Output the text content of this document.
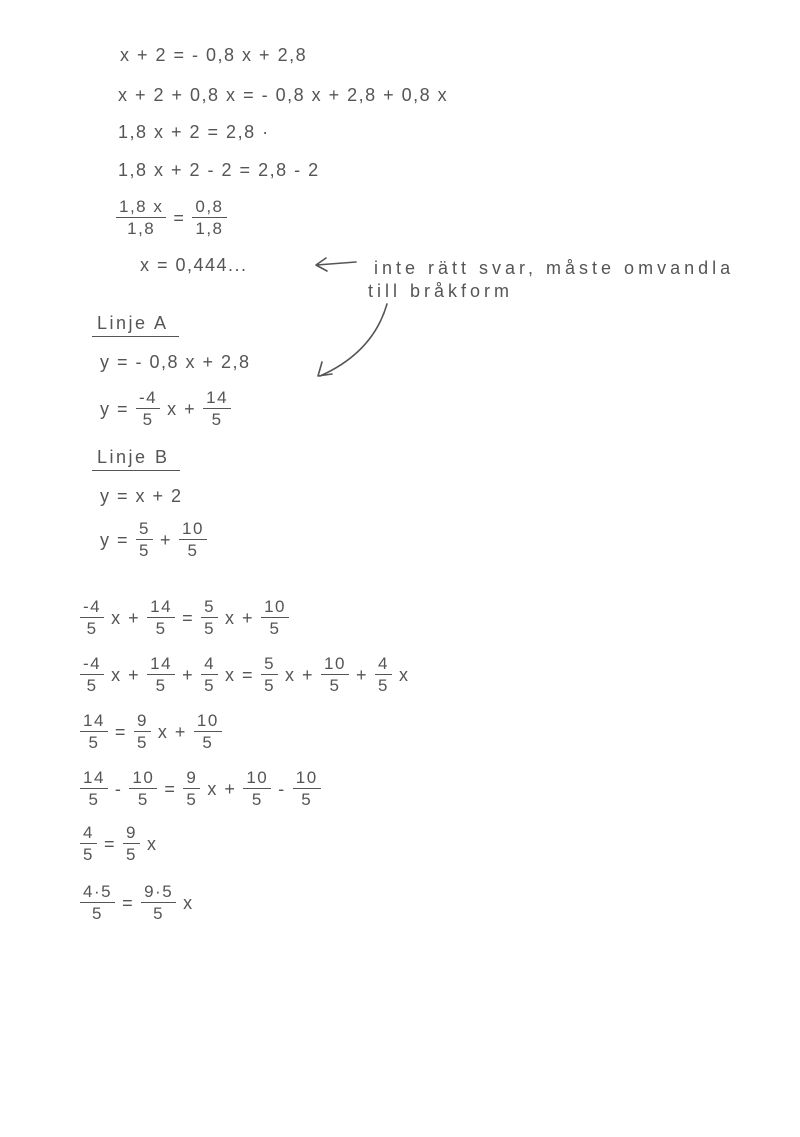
x + 2 = - 0,8 x + 2,8
x + 2 + 0,8 x = - 0,8 x + 2,8 + 0,8 x
1,8 x + 2 = 2,8 ·
1,8 x + 2 - 2 = 2,8 - 2
$\frac{1,8 x}{1,8} = \frac{0,8}{1,8}$
x = 0,444...	inte rätt svar, måste omvandla
till bråkform
Linje A
y = - 0,8 x + 2,8
$y = \frac{-4}{5}$ $x + \frac{14}{5}$
Linje B
y = x + 2
$y = \frac{5}{5} + \frac{10}{5}$
$\frac{-4}{5}$ $x + \frac{14}{5} = \frac{5}{5}$ $x + \frac{10}{5}$
$\frac{-4}{5}$ $x + \frac{14}{5} + \frac{4}{5}$ $x = \frac{5}{5}$ $x + \frac{10}{5} + \frac{4}{5}$ x
$\frac{14}{5} = \frac{9}{5}$ $x + \frac{10}{5}$
$\frac{14}{5} - \frac{10}{5} = \frac{9}{5}$ $x + \frac{10}{5} - \frac{10}{5}$
$\frac{4}{5} = \frac{9}{5}$ x
$\frac{4\cdot 5}{5} = \frac{9\cdot 5}{5}$ x
